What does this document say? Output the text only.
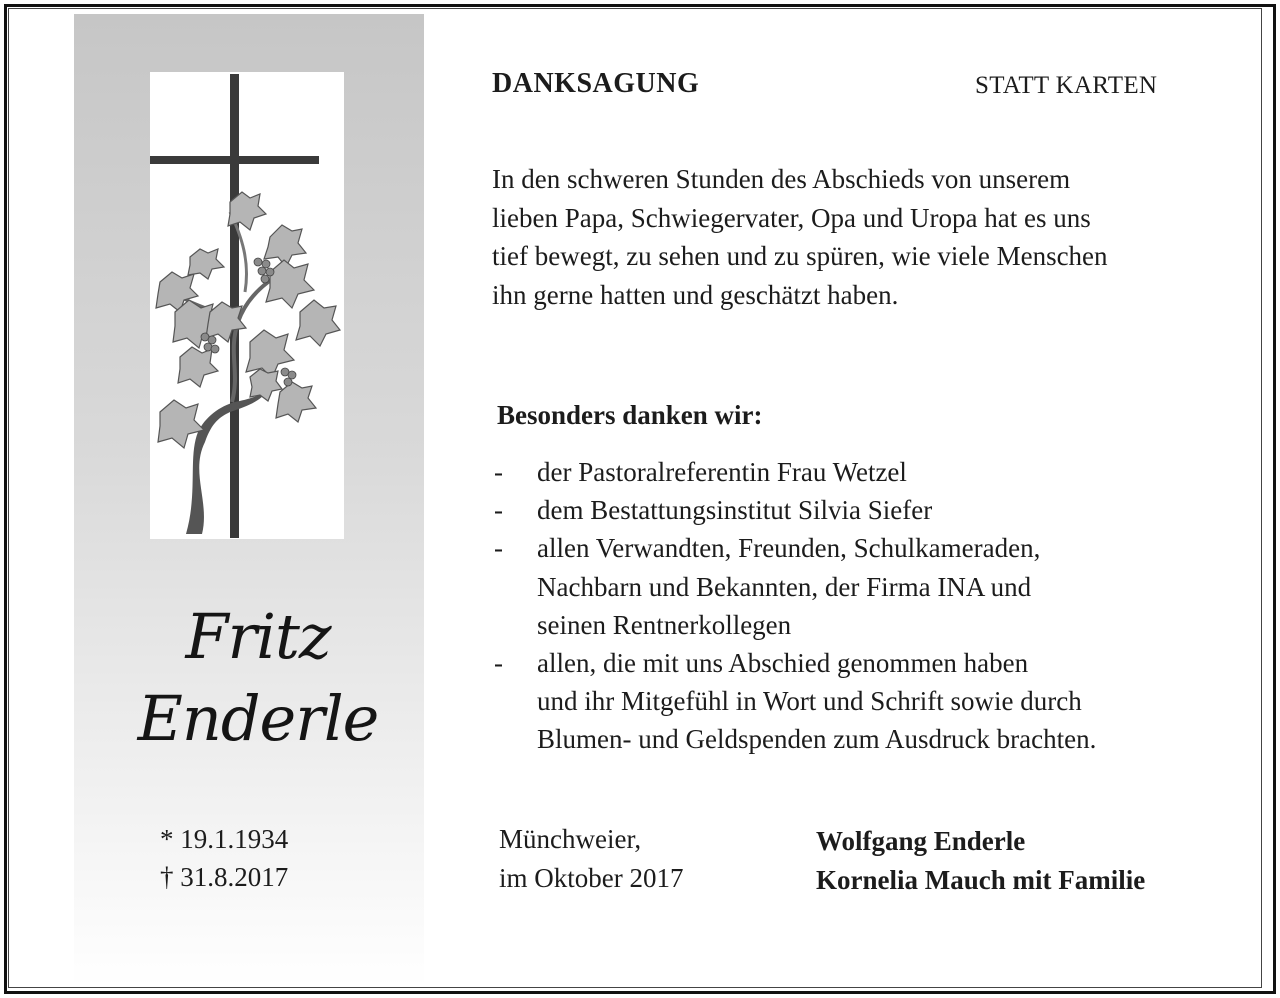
Fritz
Enderle
* 19.1.1934
† 31.8.2017
DANKSAGUNG	STATT KARTEN
In den schweren Stunden des Abschieds von unserem
lieben Papa, Schwiegervater, Opa und Uropa hat es uns
tief bewegt, zu sehen und zu spüren, wie viele Menschen
ihn gerne hatten und geschätzt haben.
Besonders danken wir:
- der Pastoralreferentin Frau Wetzel
- dem Bestattungsinstitut Silvia Siefer
- allen Verwandten, Freunden, Schulkameraden,
Nachbarn und Bekannten, der Firma INA und
seinen Rentnerkollegen
- allen, die mit uns Abschied genommen haben
und ihr Mitgefühl in Wort und Schrift sowie durch
Blumen- und Geldspenden zum Ausdruck brachten.
Münchweier,
im Oktober 2017
Wolfgang Enderle
Kornelia Mauch mit Familie
